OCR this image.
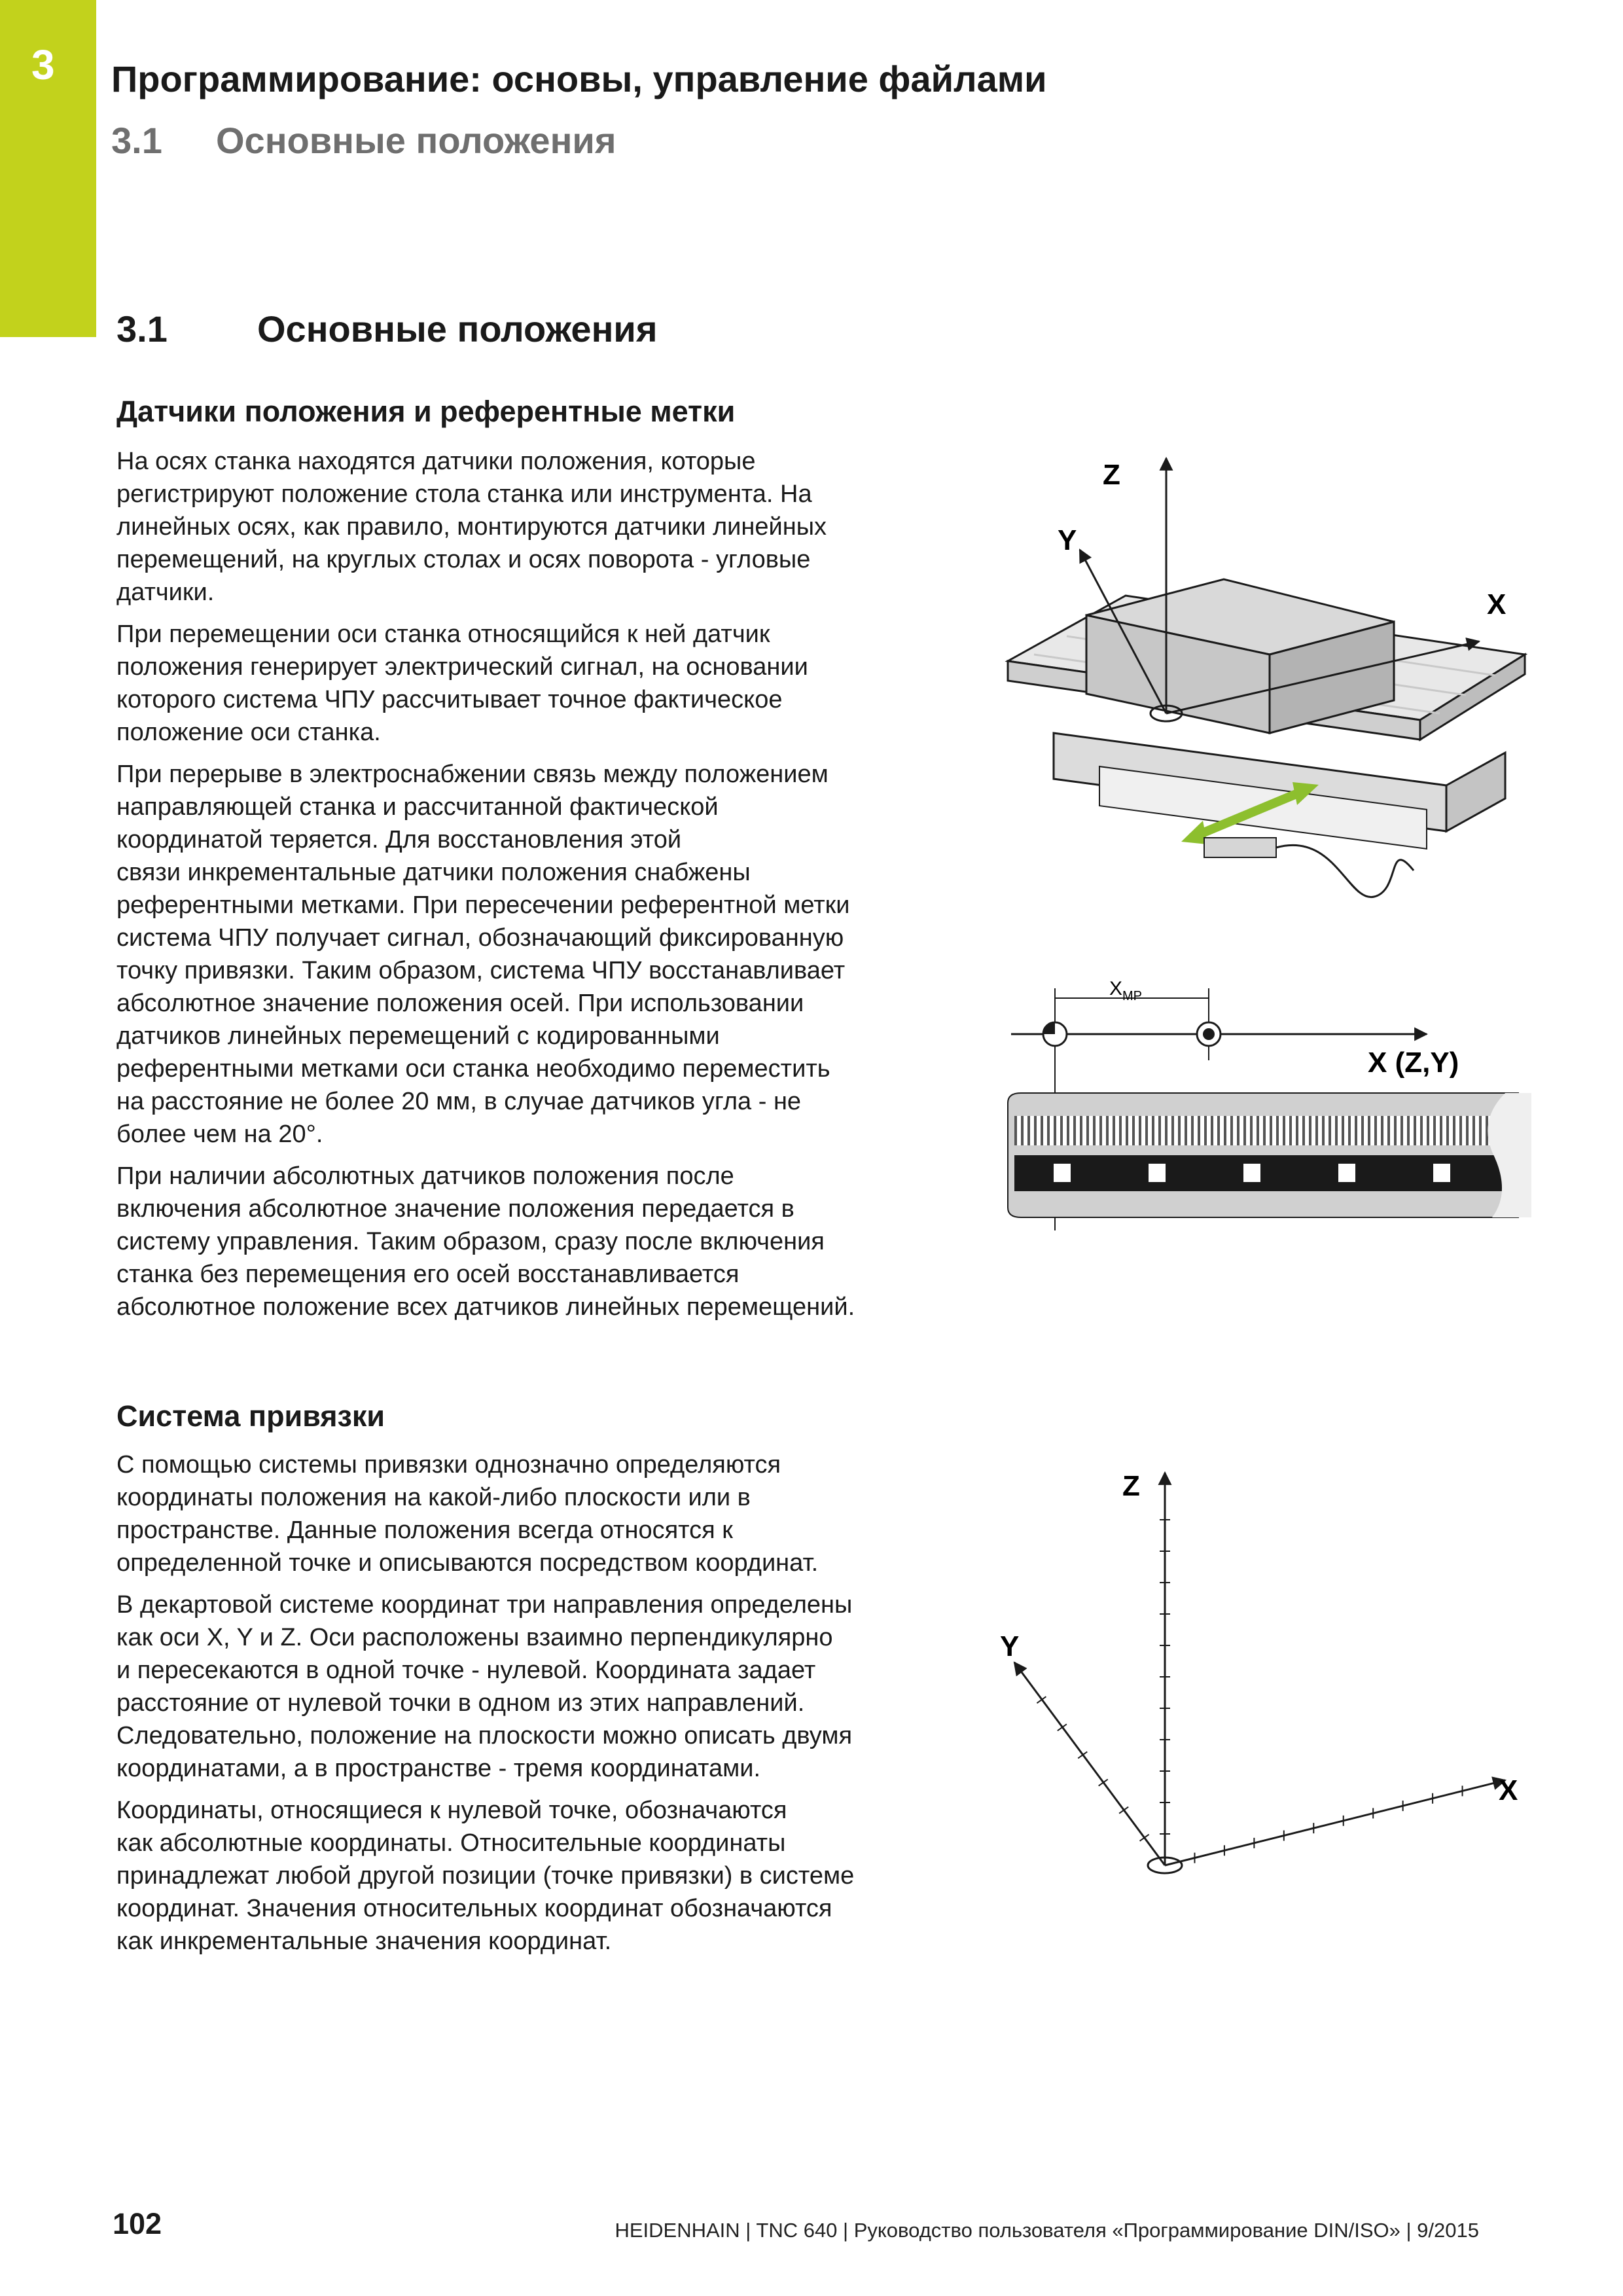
3 Программирование: основы, управление файлами
3.1 Основные положения
3.1 Основные положения
Датчики положения и референтные метки

На осях станка находятся датчики положения, которые
регистрируют положение стола станка или инструмента. На
линейных осях, как правило, монтируются датчики линейных
перемещений, на круглых столах и осях поворота - угловые
датчики.

При перемещении оси станка относящийся к ней датчик
положения генерирует электрический сигнал, на основании
которого система ЧПУ рассчитывает точное фактическое
положение оси станка.

При перерыве в электроснабжении связь между положением
направляющей станка и рассчитанной фактической
координатой теряется. Для восстановления этой
связи инкрементальные датчики положения снабжены
референтными метками. При пересечении референтной метки
система ЧПУ получает сигнал, обозначающий фиксированную
точку привязки. Таким образом, система ЧПУ восстанавливает
абсолютное значение положения осей. При использовании
датчиков линейных перемещений с кодированными
референтными метками оси станка необходимо переместить
на расстояние не более 20 мм, в случае датчиков угла - не
более чем на 20°.

При наличии абсолютных датчиков положения после
включения абсолютное значение положения передается в
систему управления. Таким образом, сразу после включения
станка без перемещения его осей восстанавливается
абсолютное положение всех датчиков линейных перемещений.

Система привязки

С помощью системы привязки однозначно определяются
координаты положения на какой-либо плоскости или в
пространстве. Данные положения всегда относятся к
определенной точке и описываются посредством координат.

В декартовой системе координат три направления определены
как оси X, Y и Z. Оси расположены взаимно перпендикулярно
и пересекаются в одной точке - нулевой. Координата задает
расстояние от нулевой точки в одном из этих направлений.
Следовательно, положение на плоскости можно описать двумя
координатами, а в пространстве - тремя координатами.

Координаты, относящиеся к нулевой точке, обозначаются
как абсолютные координаты. Относительные координаты
принадлежат любой другой позиции (точке привязки) в системе
координат. Значения относительных координат обозначаются
как инкрементальные значения координат.

Z
Y
X
$X_{MP}$
X (Z,Y)
Z
Y
X
102	HEIDENHAIN | TNC 640 | Руководство пользователя «Программирование DIN/ISO» | 9/2015
